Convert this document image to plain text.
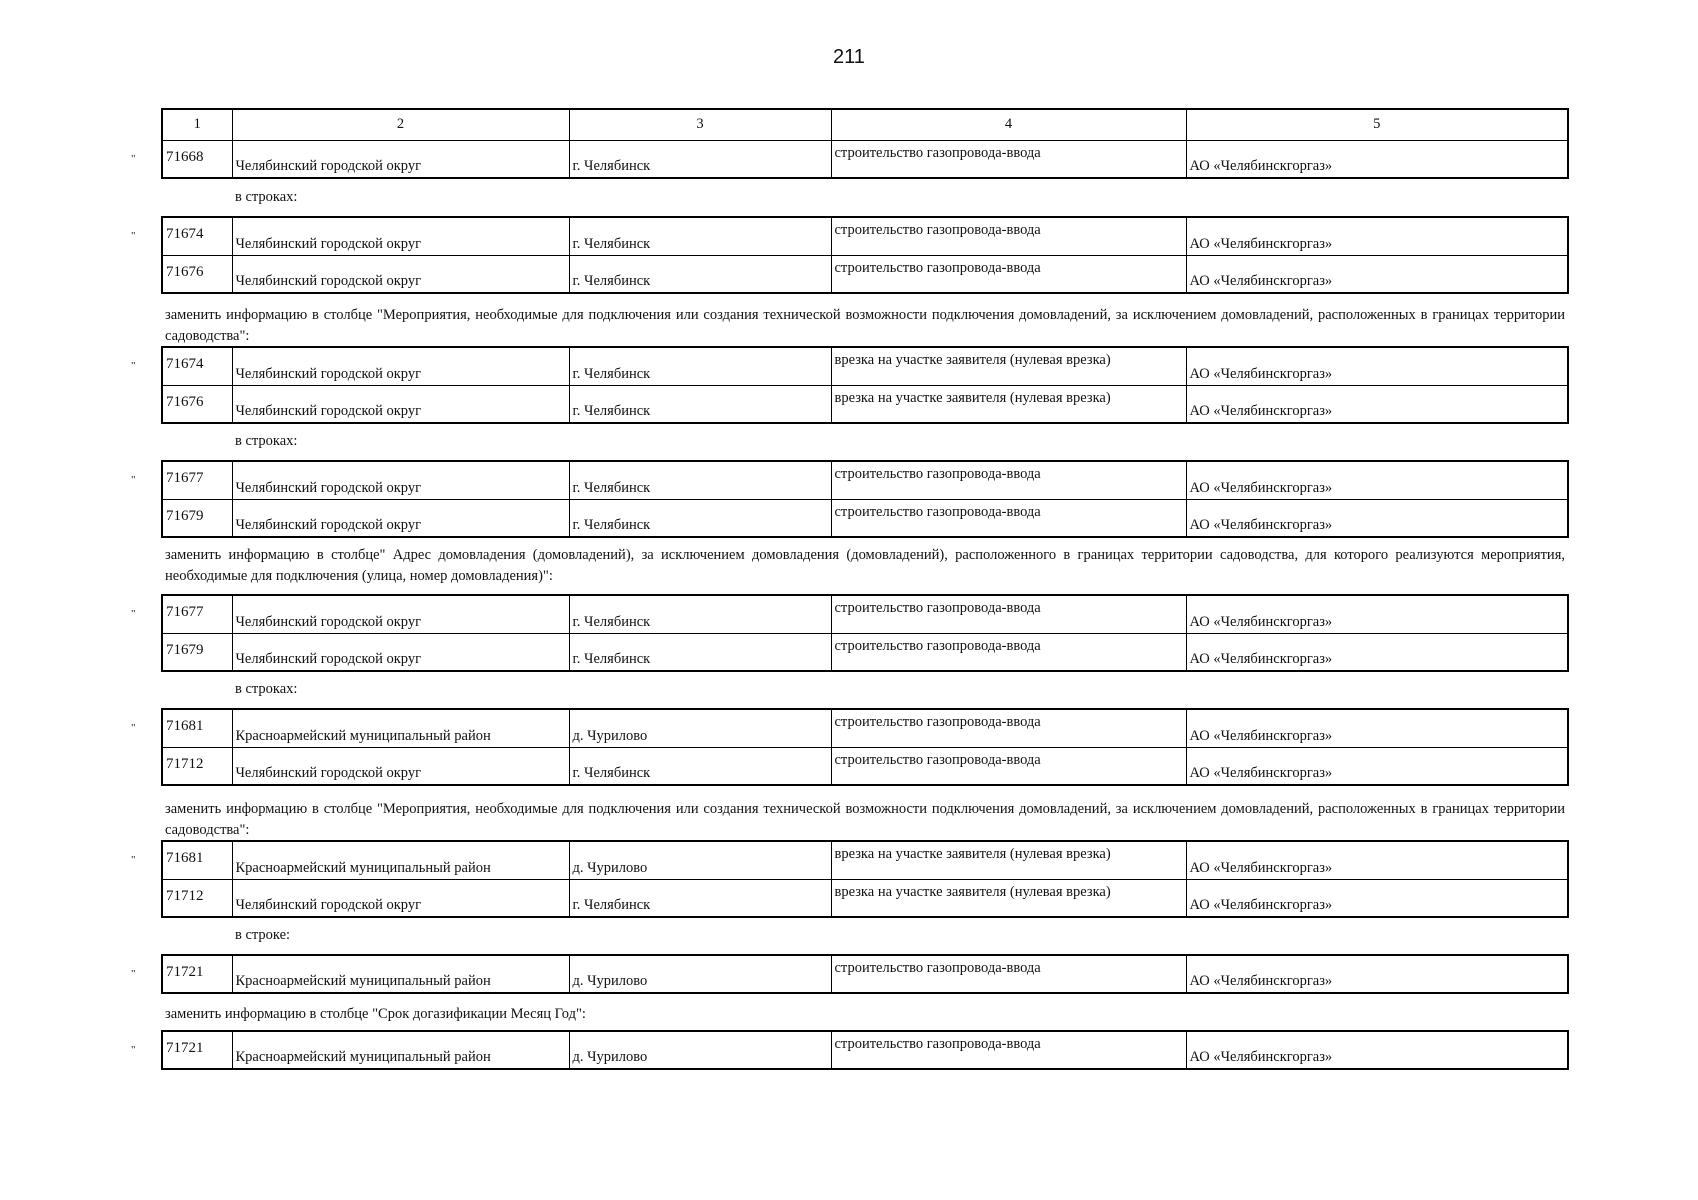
211
1	2	3	4	5
71668	Челябинский городской округ	г. Челябинск	строительство газопровода-ввода	АО «Челябинскгоргаз»
"
в строках:
71674	Челябинский городской округ	г. Челябинск	строительство газопровода-ввода	АО «Челябинскгоргаз»
71676	Челябинский городской округ	г. Челябинск	строительство газопровода-ввода	АО «Челябинскгоргаз»
"
заменить информацию в столбце "Мероприятия, необходимые для подключения или создания технической возможности подключения домовладений, за исключением домовладений, расположенных в границах территории садоводства":
71674	Челябинский городской округ	г. Челябинск	врезка на участке заявителя (нулевая врезка)	АО «Челябинскгоргаз»
71676	Челябинский городской округ	г. Челябинск	врезка на участке заявителя (нулевая врезка)	АО «Челябинскгоргаз»
"
в строках:
71677	Челябинский городской округ	г. Челябинск	строительство газопровода-ввода	АО «Челябинскгоргаз»
71679	Челябинский городской округ	г. Челябинск	строительство газопровода-ввода	АО «Челябинскгоргаз»
"
заменить информацию в столбце" Адрес домовладения (домовладений), за исключением домовладения (домовладений), расположенного в границах территории садоводства, для которого реализуются мероприятия, необходимые для подключения (улица, номер домовладения)":
71677	Челябинский городской округ	г. Челябинск	строительство газопровода-ввода	АО «Челябинскгоргаз»
71679	Челябинский городской округ	г. Челябинск	строительство газопровода-ввода	АО «Челябинскгоргаз»
"
в строках:
71681	Красноармейский муниципальный район	д. Чурилово	строительство газопровода-ввода	АО «Челябинскгоргаз»
71712	Челябинский городской округ	г. Челябинск	строительство газопровода-ввода	АО «Челябинскгоргаз»
"
заменить информацию в столбце "Мероприятия, необходимые для подключения или создания технической возможности подключения домовладений, за исключением домовладений, расположенных в границах территории садоводства":
71681	Красноармейский муниципальный район	д. Чурилово	врезка на участке заявителя (нулевая врезка)	АО «Челябинскгоргаз»
71712	Челябинский городской округ	г. Челябинск	врезка на участке заявителя (нулевая врезка)	АО «Челябинскгоргаз»
"
в строке:
71721	Красноармейский муниципальный район	д. Чурилово	строительство газопровода-ввода	АО «Челябинскгоргаз»
"
заменить информацию в столбце "Срок догазификации Месяц Год":
71721	Красноармейский муниципальный район	д. Чурилово	строительство газопровода-ввода	АО «Челябинскгоргаз»
"
